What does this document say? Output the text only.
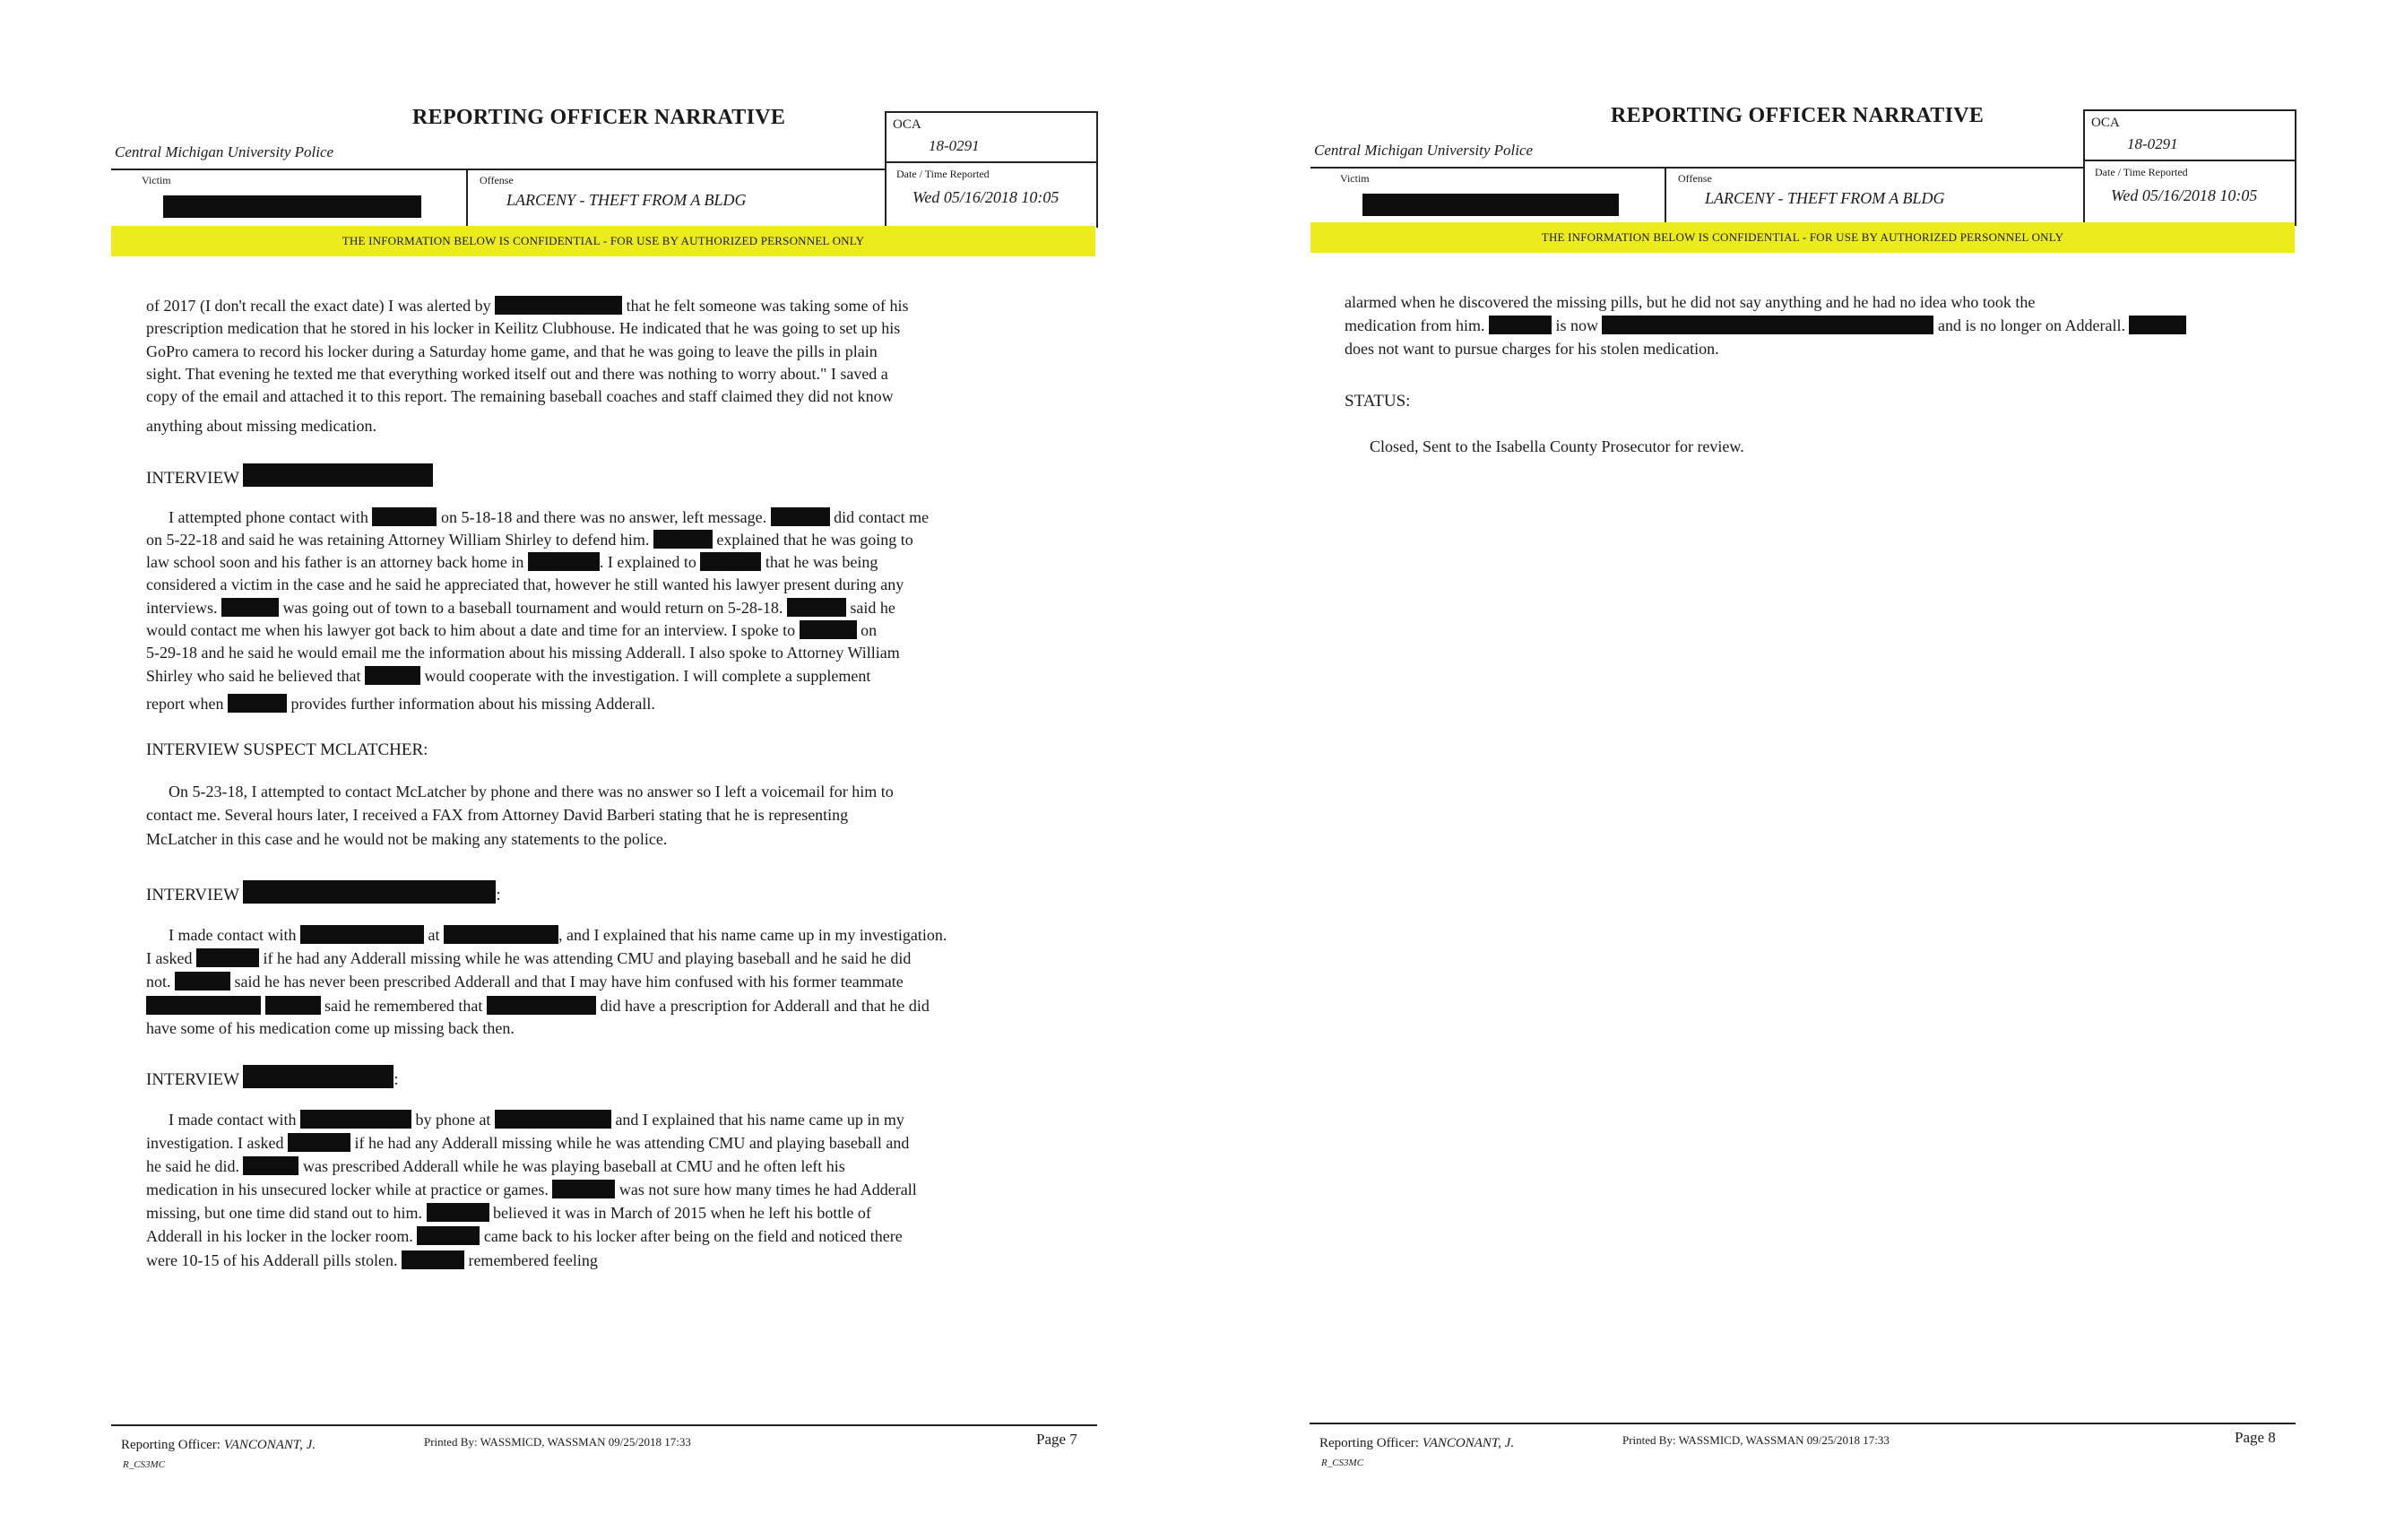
REPORTING OFFICER NARRATIVE
Central Michigan University Police
OCA
18-0291
Victim	Offense
LARCENY - THEFT FROM A BLDG
Date / Time Reported
Wed 05/16/2018 10:05
THE INFORMATION BELOW IS CONFIDENTIAL - FOR USE BY AUTHORIZED PERSONNEL ONLY
of 2017 (I don't recall the exact date) I was alerted by	that he felt someone was taking some of his
prescription medication that he stored in his locker in Keilitz Clubhouse. He indicated that he was going to set up his
GoPro camera to record his locker during a Saturday home game, and that he was going to leave the pills in plain
sight. That evening he texted me that everything worked itself out and there was nothing to worry about." I saved a
copy of the email and attached it to this report. The remaining baseball coaches and staff claimed they did not know
anything about missing medication.
INTERVIEW
I attempted phone contact with	on 5-18-18 and there was no answer, left message.	did contact me
on 5-22-18 and said he was retaining Attorney William Shirley to defend him.	explained that he was going to
law school soon and his father is an attorney back home in	. I explained to	that he was being
considered a victim in the case and he said he appreciated that, however he still wanted his lawyer present during any
interviews.	was going out of town to a baseball tournament and would return on 5-28-18.	said he
would contact me when his lawyer got back to him about a date and time for an interview. I spoke to	on
5-29-18 and he said he would email me the information about his missing Adderall. I also spoke to Attorney William
Shirley who said he believed that	would cooperate with the investigation. I will complete a supplement
report when	provides further information about his missing Adderall.
INTERVIEW SUSPECT MCLATCHER:
On 5-23-18, I attempted to contact McLatcher by phone and there was no answer so I left a voicemail for him to
contact me. Several hours later, I received a FAX from Attorney David Barberi stating that he is representing
McLatcher in this case and he would not be making any statements to the police.
INTERVIEW	:
I made contact with	at	, and I explained that his name came up in my investigation.
I asked	if he had any Adderall missing while he was attending CMU and playing baseball and he said he did
not.	said he has never been prescribed Adderall and that I may have him confused with his former teammate
said he remembered that	did have a prescription for Adderall and that he did
have some of his medication come up missing back then.
INTERVIEW	:
I made contact with	by phone at	and I explained that his name came up in my
investigation. I asked	if he had any Adderall missing while he was attending CMU and playing baseball and
he said he did.	was prescribed Adderall while he was playing baseball at CMU and he often left his
medication in his unsecured locker while at practice or games.	was not sure how many times he had Adderall
missing, but one time did stand out to him.	believed it was in March of 2015 when he left his bottle of
Adderall in his locker in the locker room.	came back to his locker after being on the field and noticed there
were 10-15 of his Adderall pills stolen.	remembered feeling
Reporting Officer: VANCONANT, J.
R_CS3MC
Printed By: WASSMICD, WASSMAN 09/25/2018 17:33	Page 7
REPORTING OFFICER NARRATIVE
Central Michigan University Police
OCA
18-0291
Victim	Offense
LARCENY - THEFT FROM A BLDG
Date / Time Reported
Wed 05/16/2018 10:05
THE INFORMATION BELOW IS CONFIDENTIAL - FOR USE BY AUTHORIZED PERSONNEL ONLY
alarmed when he discovered the missing pills, but he did not say anything and he had no idea who took the
medication from him.	is now	and is no longer on Adderall.
does not want to pursue charges for his stolen medication.
STATUS:
Closed, Sent to the Isabella County Prosecutor for review.
Reporting Officer: VANCONANT, J.
R_CS3MC
Printed By: WASSMICD, WASSMAN 09/25/2018 17:33	Page 8
